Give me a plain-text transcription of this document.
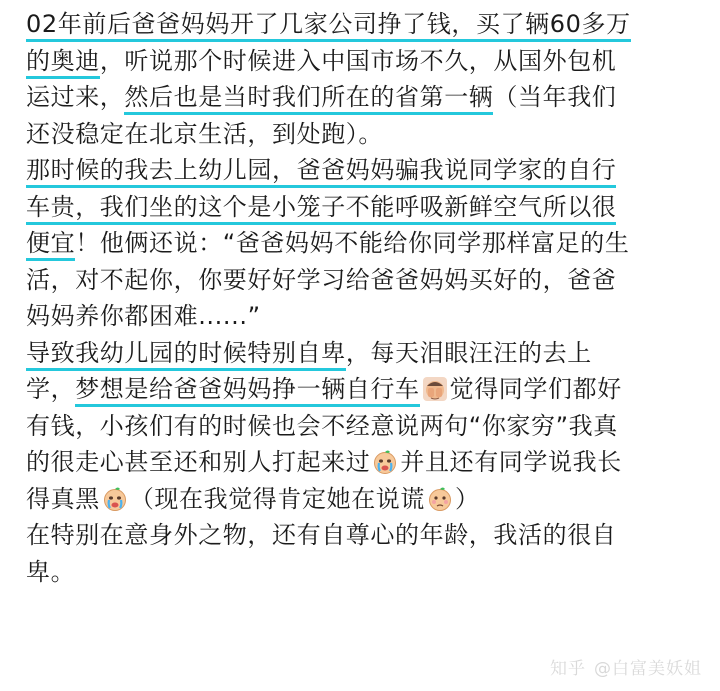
02年前后爸爸妈妈开了几家公司挣了钱，买了辆60多万
的奥迪，听说那个时候进入中国市场不久，从国外包机
运过来，然后也是当时我们所在的省第一辆（当年我们
还没稳定在北京生活，到处跑）。
那时候的我去上幼儿园，爸爸妈妈骗我说同学家的自行
车贵，我们坐的这个是小笼子不能呼吸新鲜空气所以很
便宜！他俩还说：“爸爸妈妈不能给你同学那样富足的生
活，对不起你，你要好好学习给爸爸妈妈买好的，爸爸
妈妈养你都困难......”
导致我幼儿园的时候特别自卑，每天泪眼汪汪的去上
学，梦想是给爸爸妈妈挣一辆自行车 觉得同学们都好
有钱，小孩们有的时候也会不经意说两句“你家穷”我真
的很走心甚至还和别人打起来过 并且还有同学说我长
得真黑 （现在我觉得肯定她在说谎 ）
在特别在意身外之物，还有自尊心的年龄，我活的很自
卑。
知乎 @白富美妖姐
